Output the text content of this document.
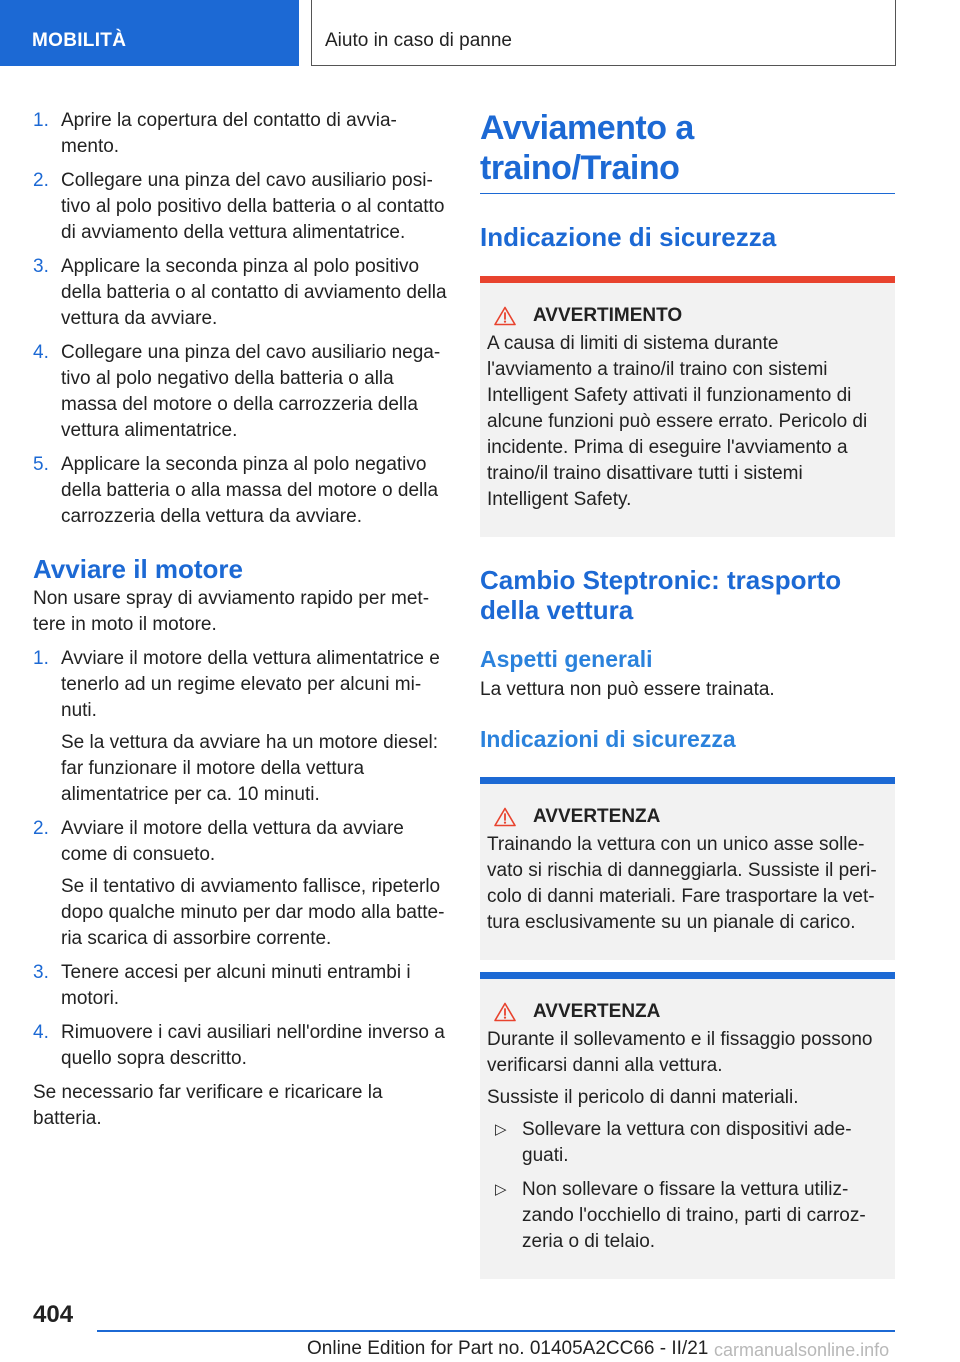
MOBILITÀ	Aiuto in caso di panne
1. Aprire la copertura del contatto di avviamento.
2. Collegare una pinza del cavo ausiliario positivo al polo positivo della batteria o al contatto di avviamento della vettura alimentatrice.
3. Applicare la seconda pinza al polo positivo della batteria o al contatto di avviamento della vettura da avviare.
4. Collegare una pinza del cavo ausiliario negativo al polo negativo della batteria o alla massa del motore o della carrozzeria della vettura alimentatrice.
5. Applicare la seconda pinza al polo negativo della batteria o alla massa del motore o della carrozzeria della vettura da avviare.
Avviare il motore

Non usare spray di avviamento rapido per mettere in moto il motore.

1. Avviare il motore della vettura alimentatrice e tenerlo ad un regime elevato per alcuni minuti.
Se la vettura da avviare ha un motore diesel: far funzionare il motore della vettura alimentatrice per ca. 10 minuti.
2. Avviare il motore della vettura da avviare come di consueto.
Se il tentativo di avviamento fallisce, ripeterlo dopo qualche minuto per dar modo alla batteria scarica di assorbire corrente.
3. Tenere accesi per alcuni minuti entrambi i motori.
4. Rimuovere i cavi ausiliari nell'ordine inverso a quello sopra descritto.

Se necessario far verificare e ricaricare la batteria.

Avviamento a traino/Traino
Indicazione di sicurezza
AVVERTIMENTO

A causa di limiti di sistema durante l'avviamento a traino/il traino con sistemi Intelligent Safety attivati il funzionamento di alcune funzioni può essere errato. Pericolo di incidente. Prima di eseguire l'avviamento a traino/il traino disattivare tutti i sistemi Intelligent Safety.

Cambio Steptronic: trasporto della vettura
Aspetti generali

La vettura non può essere trainata.

Indicazioni di sicurezza
AVVERTENZA

Trainando la vettura con un unico asse sollevato si rischia di danneggiarla. Sussiste il pericolo di danni materiali. Fare trasportare la vettura esclusivamente su un pianale di carico.

AVVERTENZA

Durante il sollevamento e il fissaggio possono verificarsi danni alla vettura.

Sussiste il pericolo di danni materiali.

▷ Sollevare la vettura con dispositivi adeguati.
▷ Non sollevare o fissare la vettura utilizzando l'occhiello di traino, parti di carrozzeria o di telaio.
404
Online Edition for Part no. 01405A2CC66 - II/21 carmanualsonline.info
